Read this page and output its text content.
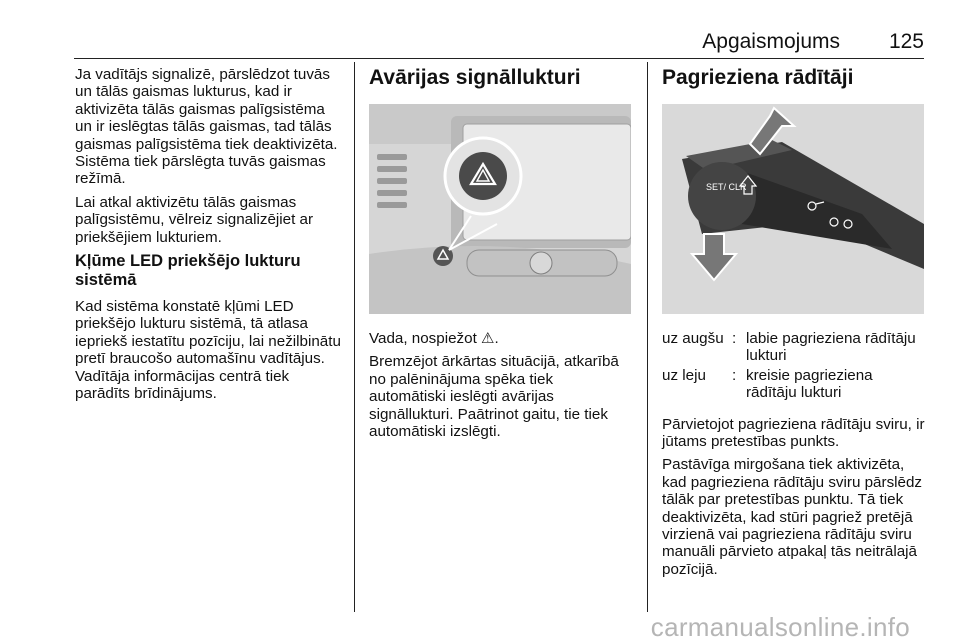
Apgaismojums 125

Ja vadītājs signalizē, pārslēdzot tuvās un tālās gaismas lukturus, kad ir aktivizēta tālās gaismas palīgsistēma un ir ieslēgtas tālās gaismas, tad tālās gaismas palīgsistēma tiek deaktivizēta. Sistēma tiek pārslēgta tuvās gaismas režīmā.

Lai atkal aktivizētu tālās gaismas palīgsistēmu, vēlreiz signalizējiet ar priekšējiem lukturiem.

Kļūme LED priekšējo lukturu sistēmā

Kad sistēma konstatē kļūmi LED priekšējo lukturu sistēmā, tā atlasa iepriekš iestatītu pozīciju, lai nežilbinātu pretī braucošo automašīnu vadītājus. Vadītāja informācijas centrā tiek parādīts brīdinājums.

Avārijas signāllukturi

Vada, nospiežot ⚠.

Bremzējot ārkārtas situācijā, atkarībā no palēninājuma spēka tiek automātiski ieslēgti avārijas signāllukturi. Paātrinot gaitu, tie tiek automātiski izslēgti.

Pagrieziena rādītāji
SET/ CLR
uz augšu	:	labie pagrieziena rādītāju lukturi
uz leju	:	kreisie pagrieziena rādītāju lukturi

Pārvietojot pagrieziena rādītāju sviru, ir jūtams pretestības punkts.

Pastāvīga mirgošana tiek aktivizēta, kad pagrieziena rādītāju sviru pārslēdz tālāk par pretestības punktu. Tā tiek deaktivizēta, kad stūri pagriež pretējā virzienā vai pagrieziena rādītāju sviru manuāli pārvieto atpakaļ tās neitrālajā pozīcijā.

carmanualsonline.info
